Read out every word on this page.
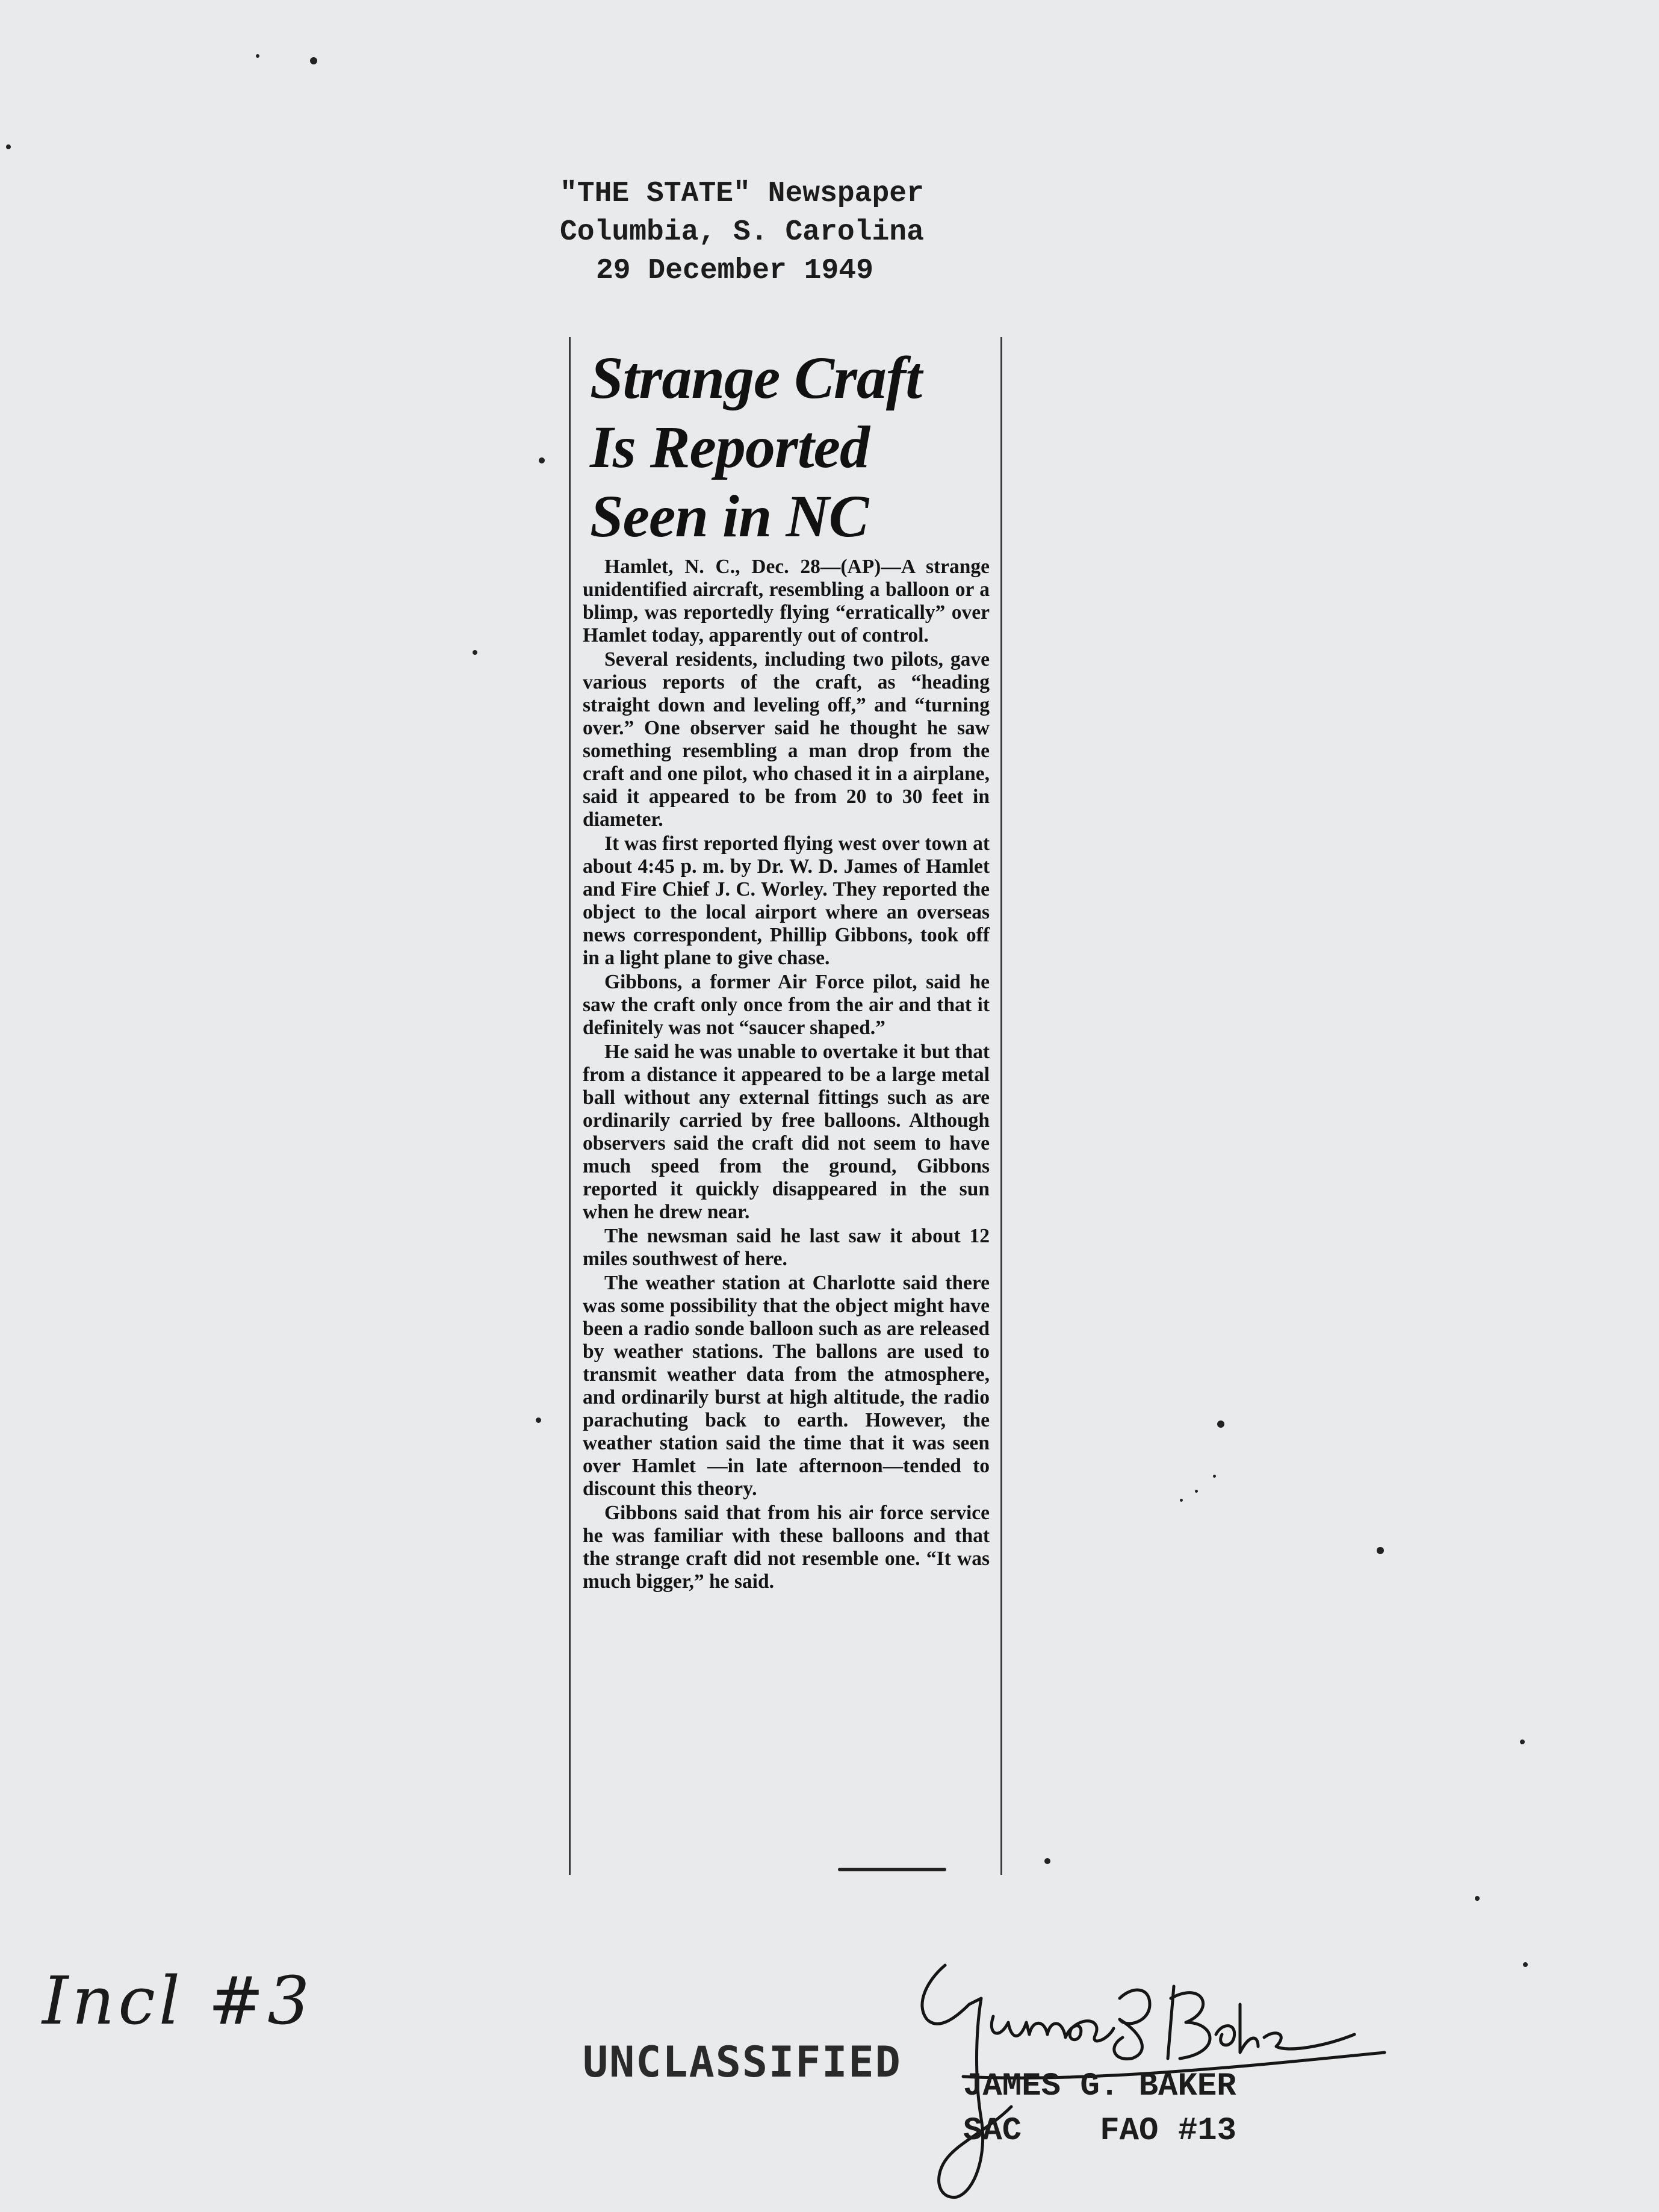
"THE STATE" Newspaper
Columbia, S. Carolina
29 December 1949
Strange Craft
Is Reported
Seen in NC

Hamlet, N. C., Dec. 28—(AP)—A strange unidentified aircraft, resembling a balloon or a blimp, was reportedly flying “erratically” over Hamlet today, apparently out of control.

Several residents, including two pilots, gave various reports of the craft, as “heading straight down and leveling off,” and “turning over.” One observer said he thought he saw something resembling a man drop from the craft and one pilot, who chased it in a airplane, said it appeared to be from 20 to 30 feet in diameter.

It was first reported flying west over town at about 4:45 p. m. by Dr. W. D. James of Hamlet and Fire Chief J. C. Worley. They reported the object to the local airport where an overseas news correspondent, Phillip Gibbons, took off in a light plane to give chase.

Gibbons, a former Air Force pilot, said he saw the craft only once from the air and that it definitely was not “saucer shaped.”

He said he was unable to overtake it but that from a distance it appeared to be a large metal ball without any external fittings such as are ordinarily carried by free balloons. Although observers said the craft did not seem to have much speed from the ground, Gibbons reported it quickly disappeared in the sun when he drew near.

The newsman said he last saw it about 12 miles southwest of here.

The weather station at Charlotte said there was some possibility that the object might have been a radio sonde balloon such as are released by weather stations. The ballons are used to transmit weather data from the atmosphere, and ordinarily burst at high altitude, the radio parachuting back to earth. However, the weather station said the time that it was seen over Hamlet —in late afternoon—tended to discount this theory.

Gibbons said that from his air force service he was familiar with these balloons and that the strange craft did not resemble one. “It was much bigger,” he said.

Incl #3
UNCLASSIFIED JAMES G. BAKER
SAC FAO #13
